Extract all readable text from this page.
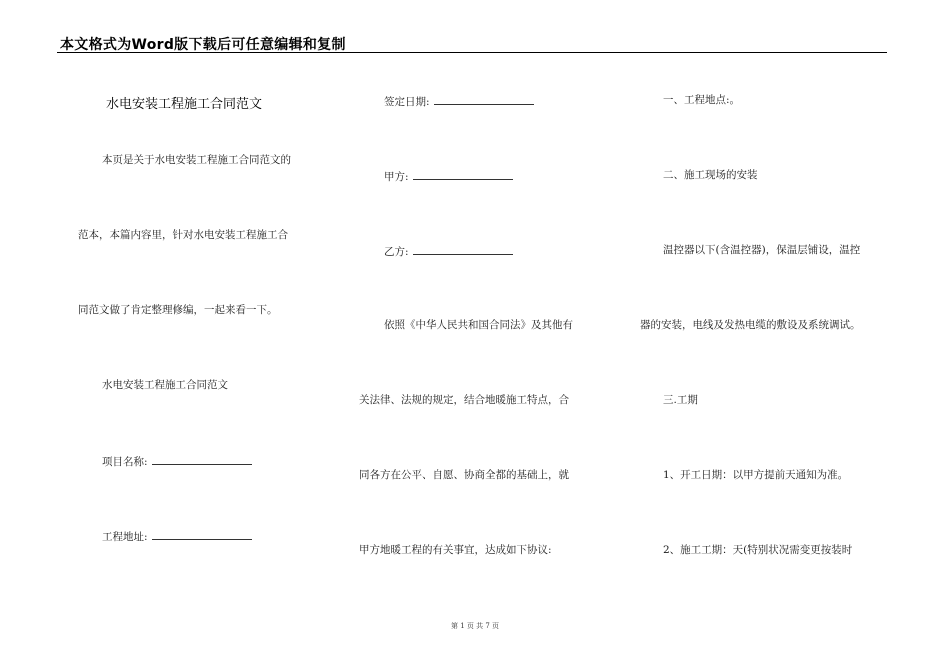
本文格式为Word版下载后可任意编辑和复制
水电安装工程施工合同范文
本页是关于水电安装工程施工合同范文的
范本，本篇内容里，针对水电安装工程施工合
同范文做了肯定整理修编，一起来看一下。
水电安装工程施工合同范文
项目名称:
工程地址:
签定日期:
甲方:
乙方:
依照《中华人民共和国合同法》及其他有
关法律、法规的规定，结合地暖施工特点，合
同各方在公平、自愿、协商全都的基础上，就
甲方地暖工程的有关事宜，达成如下协议:
一、工程地点:。
二、施工现场的安装
温控器以下(含温控器)，保温层铺设，温控
器的安装，电线及发热电缆的敷设及系统调试。
三.工期
1、开工日期：以甲方提前天通知为准。
2、施工工期：天(特别状况需变更按装时
第 1 页 共 7 页
